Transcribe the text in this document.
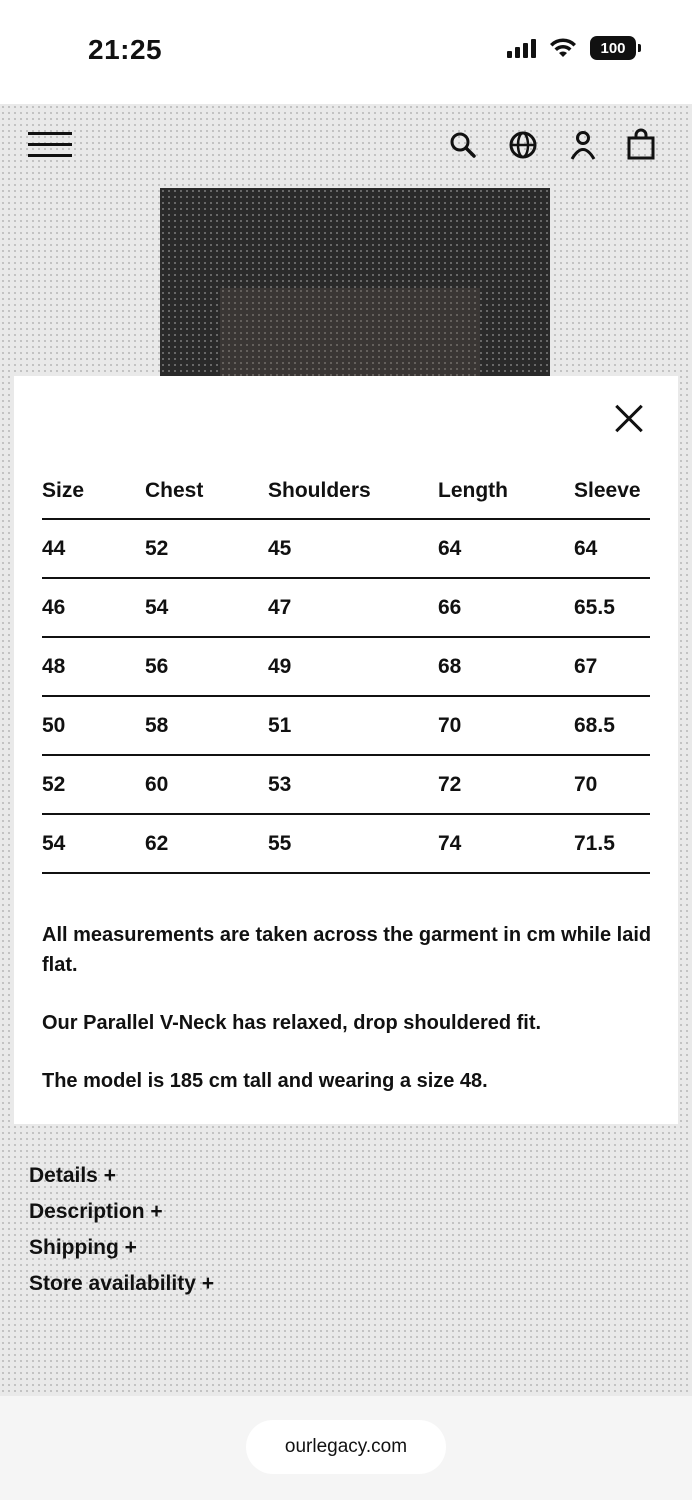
21:25	100
Size	Chest	Shoulders	Length	Sleeve
44	52	45	64	64
46	54	47	66	65.5
48	56	49	68	67
50	58	51	70	68.5
52	60	53	72	70
54	62	55	74	71.5

All measurements are taken across the garment in cm while laid flat.

Our Parallel V-Neck has relaxed, drop shouldered fit.

The model is 185 cm tall and wearing a size 48.

Details +
Description +
Shipping +
Store availability +
ourlegacy.com
